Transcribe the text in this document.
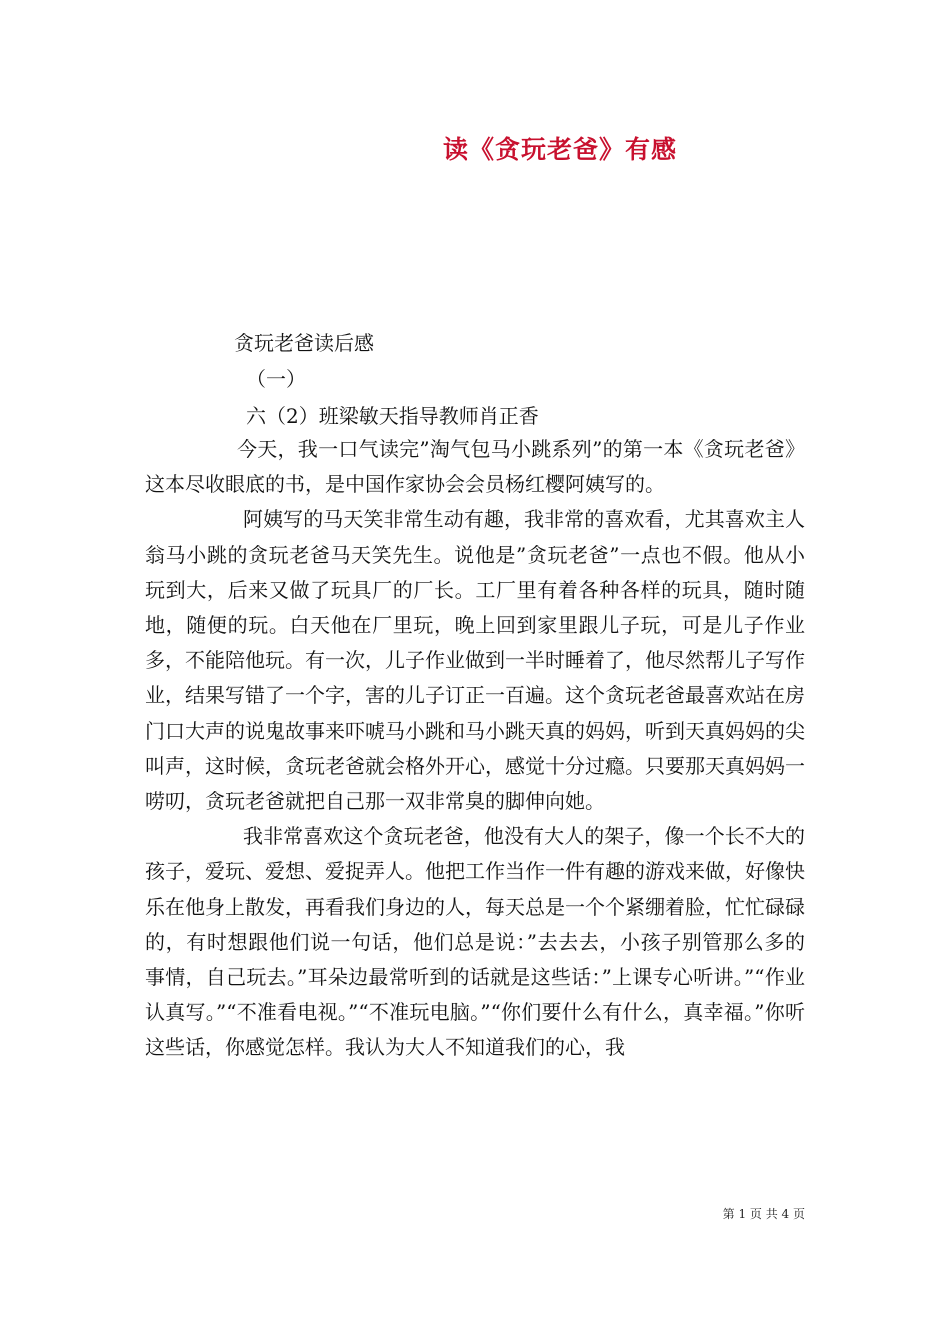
读《贪玩老爸》有感
贪玩老爸读后感
（一）
六（2）班梁敏天指导教师肖正香

今天，我一口气读完”淘气包马小跳系列”的第一本《贪玩老爸》这本尽收眼底的书，是中国作家协会会员杨红樱阿姨写的。

阿姨写的马天笑非常生动有趣，我非常的喜欢看，尤其喜欢主人翁马小跳的贪玩老爸马天笑先生。说他是”贪玩老爸”一点也不假。他从小玩到大，后来又做了玩具厂的厂长。工厂里有着各种各样的玩具，随时随地，随便的玩。白天他在厂里玩，晚上回到家里跟儿子玩，可是儿子作业多，不能陪他玩。有一次，儿子作业做到一半时睡着了，他尽然帮儿子写作业，结果写错了一个字，害的儿子订正一百遍。这个贪玩老爸最喜欢站在房门口大声的说鬼故事来吓唬马小跳和马小跳天真的妈妈，听到天真妈妈的尖叫声，这时候，贪玩老爸就会格外开心，感觉十分过瘾。只要那天真妈妈一唠叨，贪玩老爸就把自己那一双非常臭的脚伸向她。

我非常喜欢这个贪玩老爸，他没有大人的架子，像一个长不大的孩子，爱玩、爱想、爱捉弄人。他把工作当作一件有趣的游戏来做，好像快乐在他身上散发，再看我们身边的人，每天总是一个个紧绷着脸，忙忙碌碌的，有时想跟他们说一句话，他们总是说：”去去去，小孩子别管那么多的事情，自己玩去。”耳朵边最常听到的话就是这些话：”上课专心听讲。”“作业认真写。”“不准看电视。”“不准玩电脑。”“你们要什么有什么，真幸福。”你听这些话，你感觉怎样。我认为大人不知道我们的心，我

第 1 页 共 4 页
